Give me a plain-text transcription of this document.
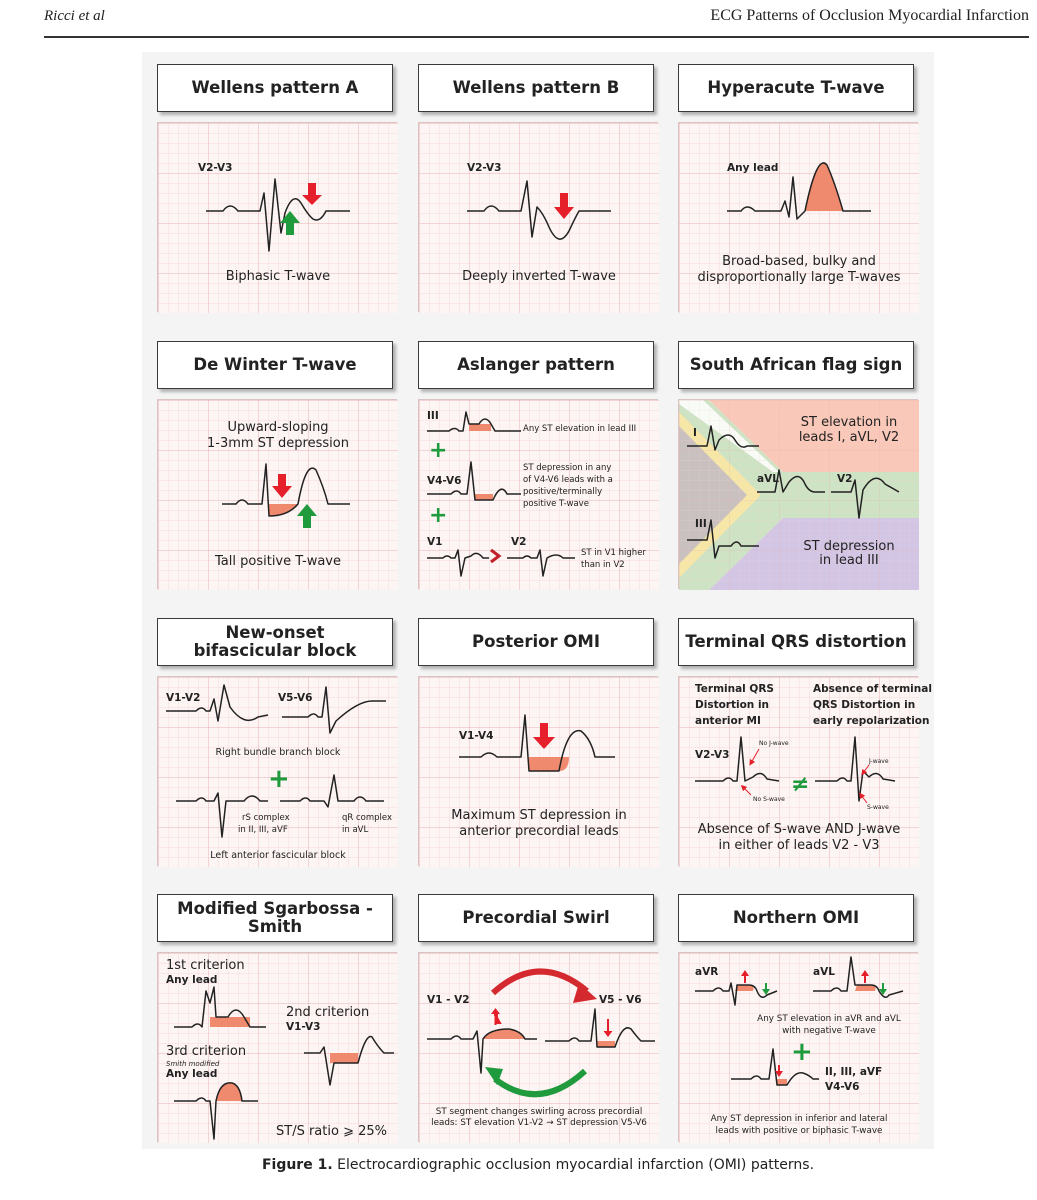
Ricci et al	ECG Patterns of Occlusion Myocardial Infarction
Wellens pattern A	Wellens pattern B	Hyperacute T-wave
V2-V3
Biphasic T-wave
V2-V3
Deeply inverted T-wave
Any lead
Broad-based, bulky and
disproportionally large T-waves
De Winter T-wave	Aslanger pattern	South African flag sign
Upward-sloping
1-3mm ST depression
Tall positive T-wave
III
Any ST elevation in lead III
+
ST depression in any
of V4-V6 leads with a
positive/terminally
positive T-wave
V4-V6
+
V1	V2
ST in V1 higher
than in V2
I
aVL	V2
III
ST elevation in
leads I, aVL, V2
ST depression
in lead III
New-onset
bifascicular block	Posterior OMI	Terminal QRS distortion
V1-V2	V5-V6
Right bundle branch block
+
rS complex
in II, III, aVF
qR complex
in aVL
Left anterior fascicular block
V1-V4
Maximum ST depression in
anterior precordial leads
Terminal QRS
Distortion in
anterior MI
Absence of terminal
QRS Distortion in
early repolarization
V2-V3
No J-wave
No S-wave
≠
J-wave
S-wave
Absence of S-wave AND J-wave
in either of leads V2 - V3
Modified Sgarbossa - Smith	Precordial Swirl	Northern OMI
1st criterion
Any lead
2nd criterion
V1-V3
3rd criterion
Smith modified
Any lead
ST/S ratio ⩾ 25%
V1 - V2	V5 - V6
ST segment changes swirling across precordial
leads: ST elevation V1-V2 → ST depression V5-V6
aVR	aVL
Any ST elevation in aVR and aVL
with negative T-wave
+
II, III, aVF
V4-V6
Any ST depression in inferior and lateral
leads with positive or biphasic T-wave
Figure 1. Electrocardiographic occlusion myocardial infarction (OMI) patterns.
